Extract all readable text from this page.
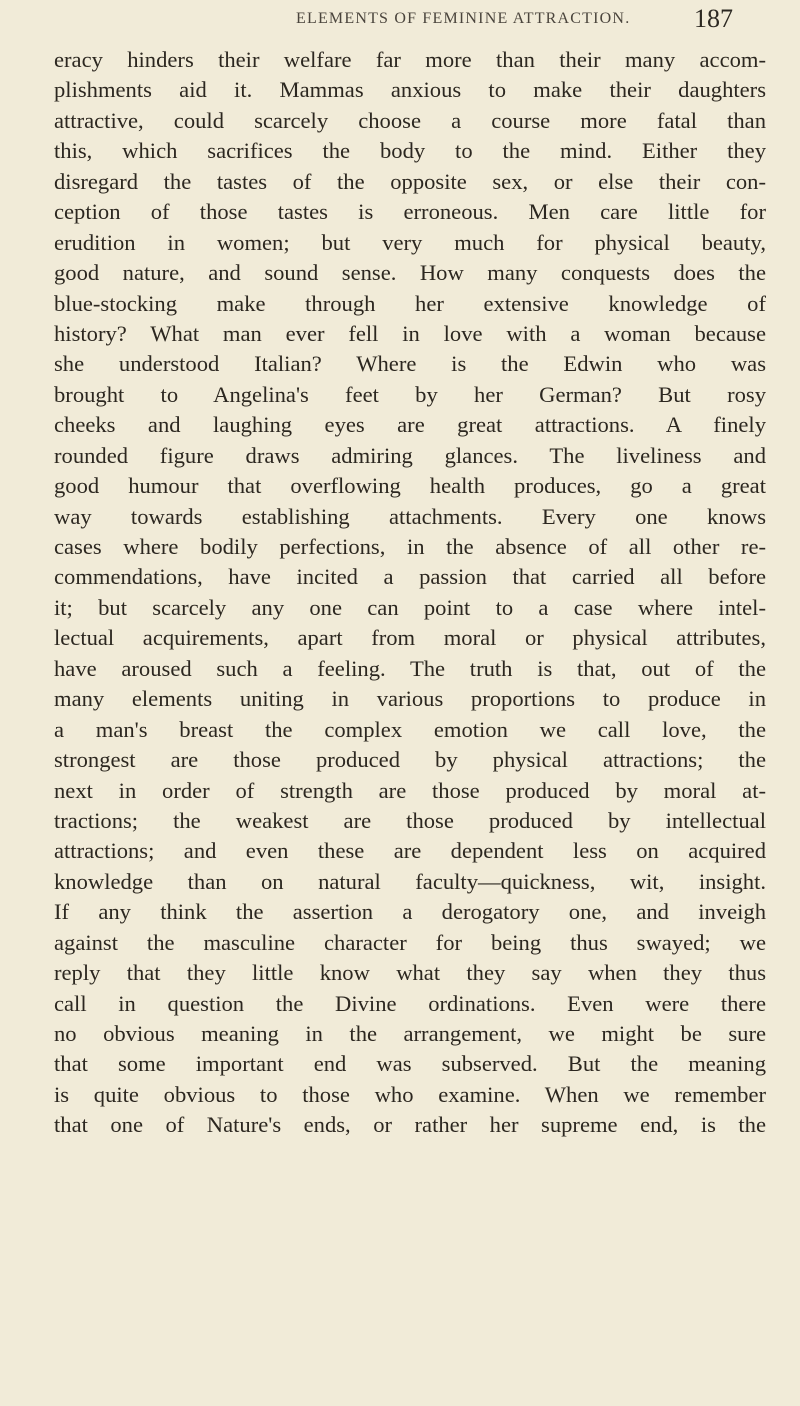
ELEMENTS OF FEMININE ATTRACTION. 187
eracy hinders their welfare far more than their many accom-
plishments aid it. Mammas anxious to make their daughters
attractive, could scarcely choose a course more fatal than
this, which sacrifices the body to the mind. Either they
disregard the tastes of the opposite sex, or else their con-
ception of those tastes is erroneous. Men care little for
erudition in women; but very much for physical beauty,
good nature, and sound sense. How many conquests does the
blue-stocking make through her extensive knowledge of
history? What man ever fell in love with a woman because
she understood Italian? Where is the Edwin who was
brought to Angelina's feet by her German? But rosy
cheeks and laughing eyes are great attractions. A finely
rounded figure draws admiring glances. The liveliness and
good humour that overflowing health produces, go a great
way towards establishing attachments. Every one knows
cases where bodily perfections, in the absence of all other re-
commendations, have incited a passion that carried all before
it; but scarcely any one can point to a case where intel-
lectual acquirements, apart from moral or physical attributes,
have aroused such a feeling. The truth is that, out of the
many elements uniting in various proportions to produce in
a man's breast the complex emotion we call love, the
strongest are those produced by physical attractions; the
next in order of strength are those produced by moral at-
tractions; the weakest are those produced by intellectual
attractions; and even these are dependent less on acquired
knowledge than on natural faculty—quickness, wit, insight.
If any think the assertion a derogatory one, and inveigh
against the masculine character for being thus swayed; we
reply that they little know what they say when they thus
call in question the Divine ordinations. Even were there
no obvious meaning in the arrangement, we might be sure
that some important end was subserved. But the meaning
is quite obvious to those who examine. When we remember
that one of Nature's ends, or rather her supreme end, is the
